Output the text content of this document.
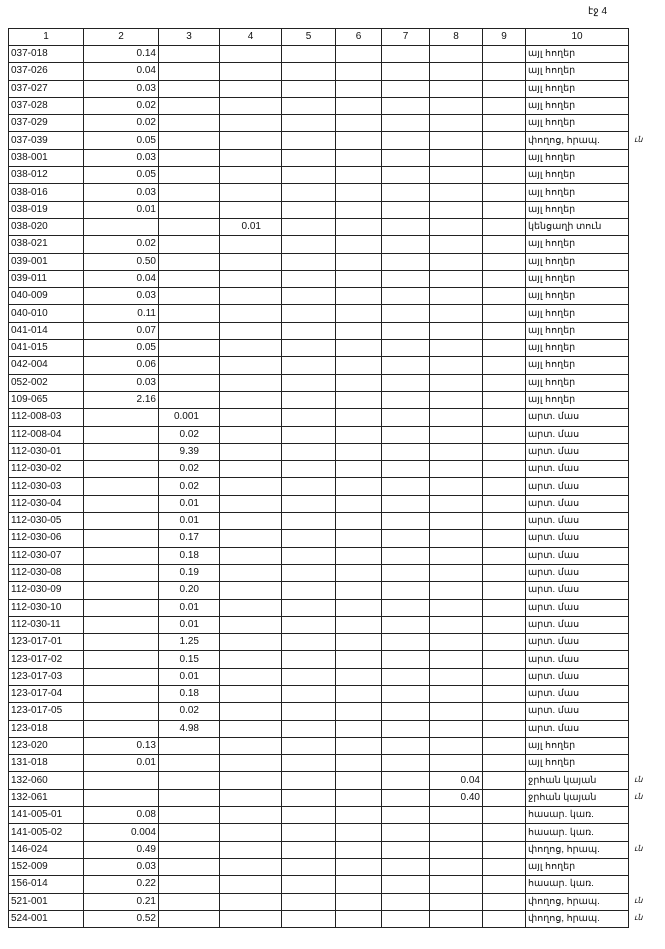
էջ 4
1	2	3	4	5	6	7	8	9	10
037-018	0.14								այլ հողեր
037-026	0.04								այլ հողեր
037-027	0.03								այլ հողեր
037-028	0.02								այլ հողեր
037-029	0.02								այլ հողեր
037-039	0.05								փողոց, հրապ.
038-001	0.03								այլ հողեր
038-012	0.05								այլ հողեր
038-016	0.03								այլ հողեր
038-019	0.01								այլ հողեր
038-020			0.01						կենցաղի տուն
038-021	0.02								այլ հողեր
039-001	0.50								այլ հողեր
039-011	0.04								այլ հողեր
040-009	0.03								այլ հողեր
040-010	0.11								այլ հողեր
041-014	0.07								այլ հողեր
041-015	0.05								այլ հողեր
042-004	0.06								այլ հողեր
052-002	0.03								այլ հողեր
109-065	2.16								այլ հողեր
112-008-03		0.001							արտ. մաս
112-008-04		0.02							արտ. մաս
112-030-01		9.39							արտ. մաս
112-030-02		0.02							արտ. մաս
112-030-03		0.02							արտ. մաս
112-030-04		0.01							արտ. մաս
112-030-05		0.01							արտ. մաս
112-030-06		0.17							արտ. մաս
112-030-07		0.18							արտ. մաս
112-030-08		0.19							արտ. մաս
112-030-09		0.20							արտ. մաս
112-030-10		0.01							արտ. մաս
112-030-11		0.01							արտ. մաս
123-017-01		1.25							արտ. մաս
123-017-02		0.15							արտ. մաս
123-017-03		0.01							արտ. մաս
123-017-04		0.18							արտ. մաս
123-017-05		0.02							արտ. մաս
123-018		4.98							արտ. մաս
123-020	0.13								այլ հողեր
131-018	0.01								այլ հողեր
132-060							0.04		ջրհան կայան
132-061							0.40		ջրհան կայան
141-005-01	0.08								հասար. կառ.
141-005-02	0.004								հասար. կառ.
146-024	0.49								փողոց, հրապ.
152-009	0.03								այլ հողեր
156-014	0.22								հասար. կառ.
521-001	0.21								փողոց, հրապ.
524-001	0.52								փողոց, հրապ.
ւն
ւն
ւն
ւն
ւն
ւն
